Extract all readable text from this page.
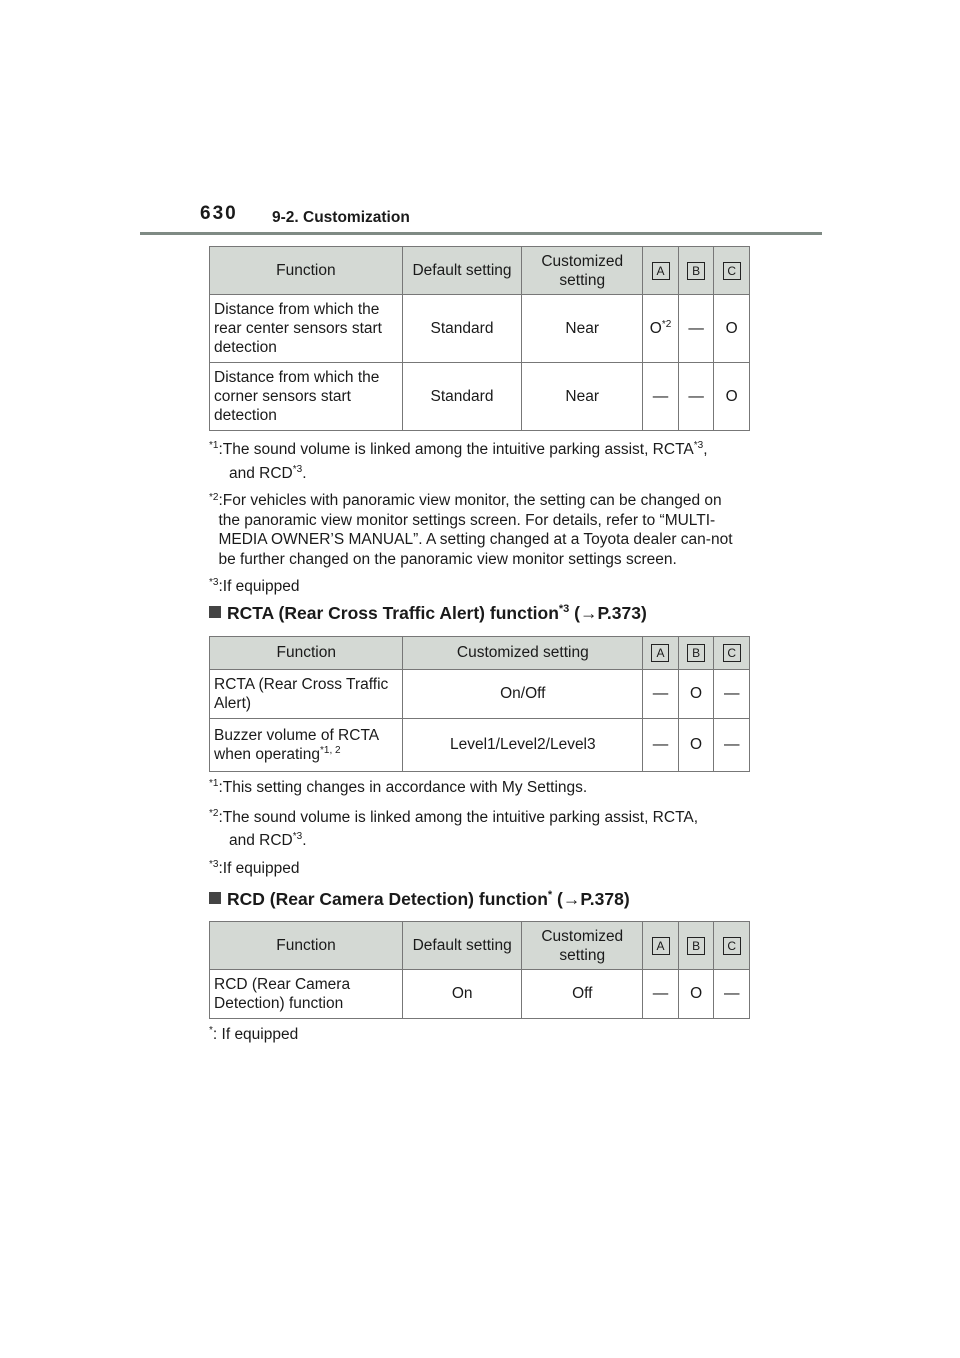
630 9-2. Customization
Function	Default setting	Customized setting	A	B	C
Distance from which the rear center sensors start detection	Standard	Near	$O^{*2}$	—	O
Distance from which the corner sensors start detection	Standard	Near	—	—	O
$^{*1}$:The sound volume is linked among the intuitive parking assist, RCTA$^{*3}$,
and RCD$^{*3}$.
*2 :For vehicles with panoramic view monitor, the setting can be changed on the panoramic view monitor settings screen. For details, refer to “MULTI-MEDIA OWNER’S MANUAL”. A setting changed at a Toyota dealer can-not be further changed on the panoramic view monitor settings screen.
$^{*3}$:If equipped
RCTA (Rear Cross Traffic Alert) function$^{*3}$ (→P.373)
Function	Customized setting	A	B	C
RCTA (Rear Cross Traffic Alert)	On/Off	—	O	—
Buzzer volume of RCTA when operating$^{*1, 2}$	Level1/Level2/Level3	—	O	—
$^{*1}$:This setting changes in accordance with My Settings.
$^{*2}$:The sound volume is linked among the intuitive parking assist, RCTA,
and RCD$^{*3}$.
$^{*3}$:If equipped
RCD (Rear Camera Detection) function* (→P.378)
Function	Default setting	Customized setting	A	B	C
RCD (Rear Camera Detection) function	On	Off	—	O	—
*: If equipped
